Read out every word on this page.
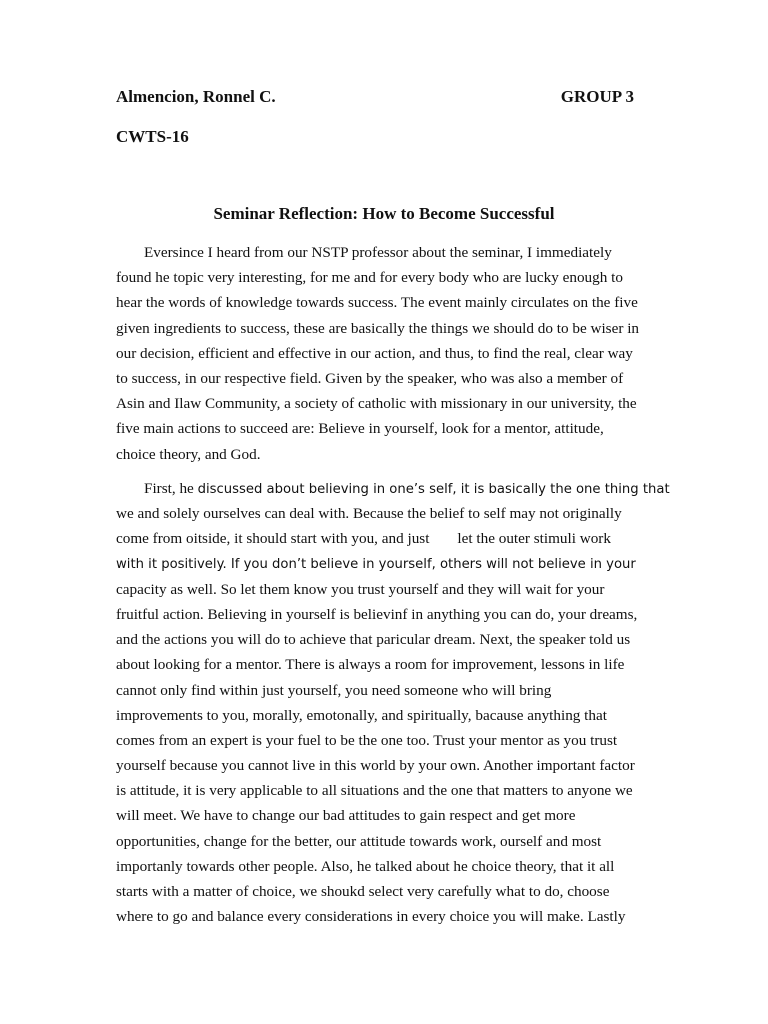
Almencion, Ronnel C.	GROUP 3
CWTS-16
Seminar Reflection: How to Become Successful
Eversince I heard from our NSTP professor about the seminar, I immediately
found he topic very interesting, for me and for every body who are lucky enough to
hear the words of knowledge towards success. The event mainly circulates on the five
given ingredients to success, these are basically the things we should do to be wiser in
our decision, efficient and effective in our action, and thus, to find the real, clear way
to success, in our respective field. Given by the speaker, who was also a member of
Asin and Ilaw Community, a society of catholic with missionary in our university, the
five main actions to succeed are: Believe in yourself, look for a mentor, attitude,
choice theory, and God.
First, he discussed about believing in one’s self, it is basically the one thing that
we and solely ourselves can deal with. Because the belief to self may not originally
come from oitside, it should start with you, and just let the outer stimuli work
with it positively. If you don’t believe in yourself, others will not believe in your
capacity as well. So let them know you trust yourself and they will wait for your
fruitful action. Believing in yourself is believinf in anything you can do, your dreams,
and the actions you will do to achieve that paricular dream. Next, the speaker told us
about looking for a mentor. There is always a room for improvement, lessons in life
cannot only find within just yourself, you need someone who will bring
improvements to you, morally, emotonally, and spiritually, bacause anything that
comes from an expert is your fuel to be the one too. Trust your mentor as you trust
yourself because you cannot live in this world by your own. Another important factor
is attitude, it is very applicable to all situations and the one that matters to anyone we
will meet. We have to change our bad attitudes to gain respect and get more
opportunities, change for the better, our attitude towards work, ourself and most
importanly towards other people. Also, he talked about he choice theory, that it all
starts with a matter of choice, we shoukd select very carefully what to do, choose
where to go and balance every considerations in every choice you will make. Lastly
